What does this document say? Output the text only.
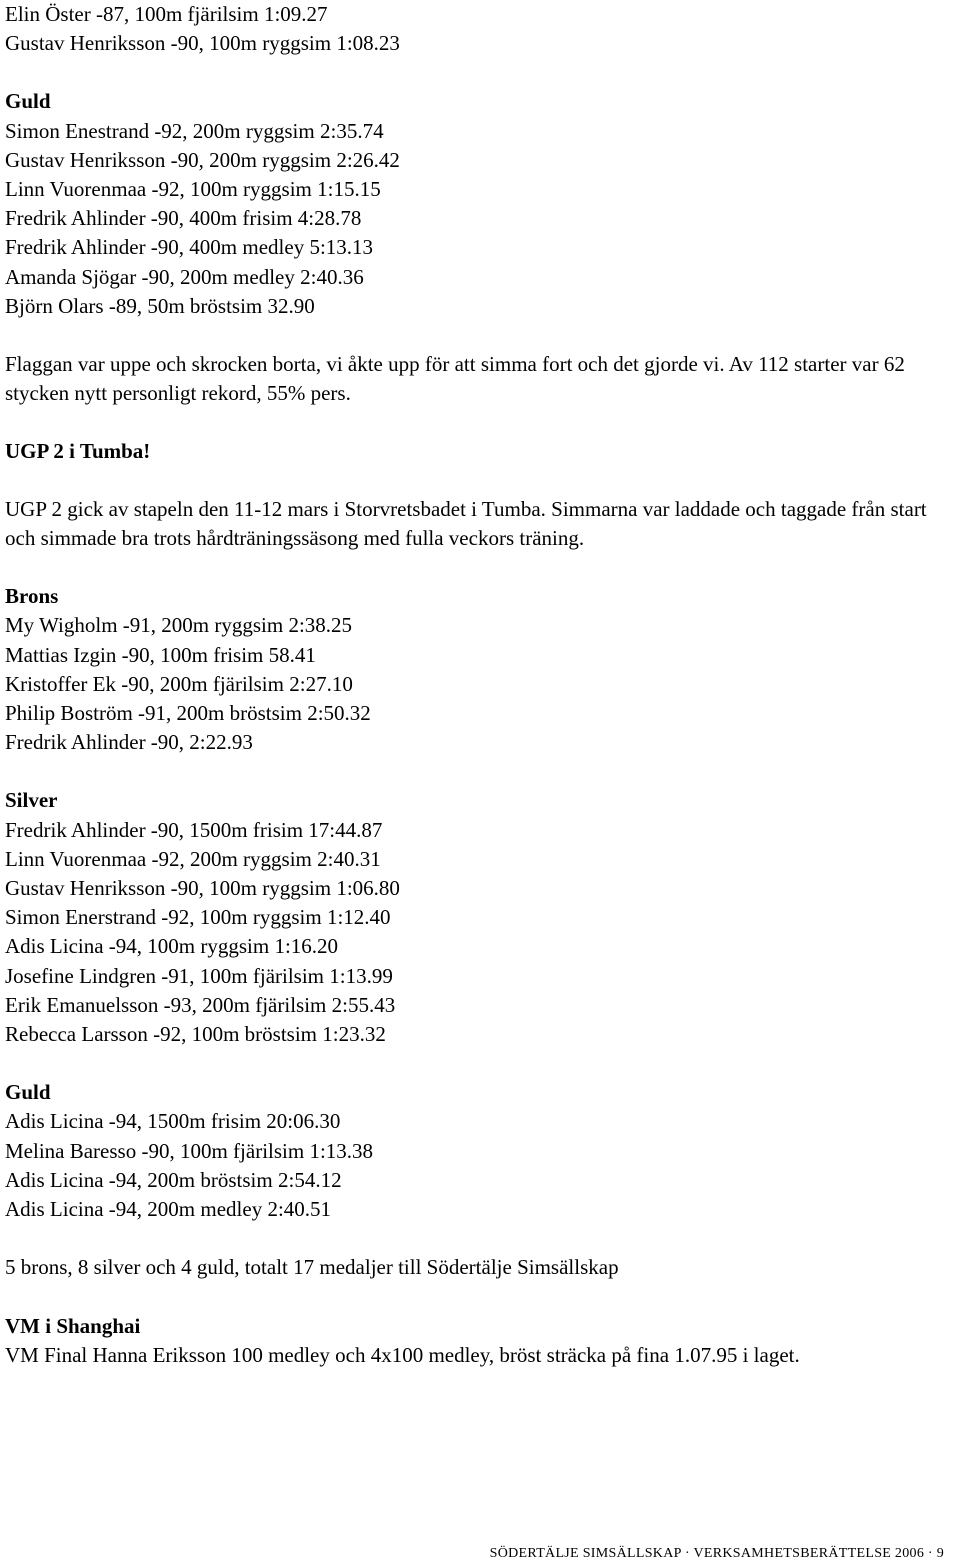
Elin Öster -87, 100m fjärilsim 1:09.27
Gustav Henriksson -90, 100m ryggsim 1:08.23
Guld
Simon Enestrand -92, 200m ryggsim 2:35.74
Gustav Henriksson -90, 200m ryggsim 2:26.42
Linn Vuorenmaa -92, 100m ryggsim 1:15.15
Fredrik Ahlinder -90, 400m frisim 4:28.78
Fredrik Ahlinder -90, 400m medley 5:13.13
Amanda Sjögar -90, 200m medley 2:40.36
Björn Olars -89, 50m bröstsim 32.90
Flaggan var uppe och skrocken borta, vi åkte upp för att simma fort och det gjorde vi. Av 112 starter var 62 stycken nytt personligt rekord, 55% pers.
UGP 2 i Tumba!
UGP 2 gick av stapeln den 11-12 mars i Storvretsbadet i Tumba. Simmarna var laddade och taggade från start och simmade bra trots hårdträningssäsong med fulla veckors träning.
Brons
My Wigholm -91, 200m ryggsim 2:38.25
Mattias Izgin -90, 100m frisim 58.41
Kristoffer Ek -90, 200m fjärilsim 2:27.10
Philip Boström -91, 200m bröstsim 2:50.32
Fredrik Ahlinder -90, 2:22.93
Silver
Fredrik Ahlinder -90, 1500m frisim 17:44.87
Linn Vuorenmaa -92, 200m ryggsim 2:40.31
Gustav Henriksson -90, 100m ryggsim 1:06.80
Simon Enerstrand -92, 100m ryggsim 1:12.40
Adis Licina -94, 100m ryggsim 1:16.20
Josefine Lindgren -91, 100m fjärilsim 1:13.99
Erik Emanuelsson -93, 200m fjärilsim 2:55.43
Rebecca Larsson -92, 100m bröstsim 1:23.32
Guld
Adis Licina -94, 1500m frisim 20:06.30
Melina Baresso -90, 100m fjärilsim 1:13.38
Adis Licina -94, 200m bröstsim 2:54.12
Adis Licina -94, 200m medley 2:40.51
5 brons, 8 silver och 4 guld, totalt 17 medaljer till Södertälje Simsällskap
VM i Shanghai
VM Final Hanna Eriksson 100 medley och 4x100 medley, bröst sträcka på fina 1.07.95 i laget.
SÖDERTÄLJE SIMSÄLLSKAP · VERKSAMHETSBERÄTTELSE 2006 · 9
